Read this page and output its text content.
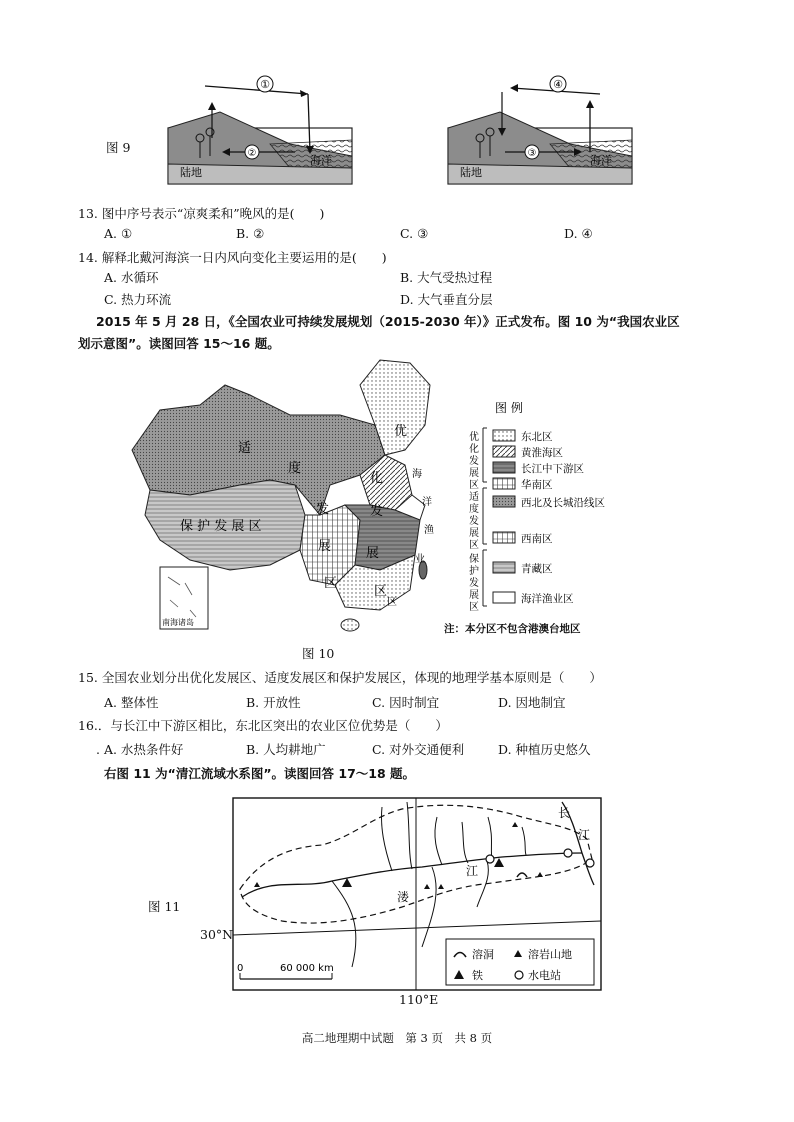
图 9
①
②
陆地
海洋
④
③
陆地
海洋
13. 图中序号表示“凉爽柔和”晚风的是(　　)
A. ①	B. ②	C. ③	D. ④
14. 解释北戴河海滨一日内风向变化主要运用的是(　　)
A. 水循环	B. 大气受热过程
C. 热力环流	D. 大气垂直分层
2015 年 5 月 28 日，《全国农业可持续发展规划（2015-2030 年）》正式发布。图 10 为“我国农业区
划示意图”。读图回答 15～16 题。
南海诸岛
适
度
发
展
区
保 护 发 展 区
优
化
发
展
区
海
洋
渔
业
区
图 例
优
化
发
展
区
适
度
发
展
区
保
护
发
展
区
东北区
黄淮海区
长江中下游区
华南区
西北及长城沿线区
西南区
青藏区
海洋渔业区
注：本分区不包含港澳台地区
图 10
15. 全国农业划分出优化发展区、适度发展区和保护发展区，体现的地理学基本原则是（　　）
A. 整体性	B. 开放性	C. 因时制宜	D. 因地制宜
16.．与长江中下游区相比，东北区突出的农业区位优势是（　　）
. A. 水热条件好	B. 人均耕地广	C. 对外交通便利	D. 种植历史悠久
右图 11 为“清江流域水系图”。读图回答 17～18 题。
图 11
30°N
110°E
溇
江
长
江
0	60 000 km
溶洞	溶岩山地
铁	水电站
高二地理期中试题　第 3 页　共 8 页
